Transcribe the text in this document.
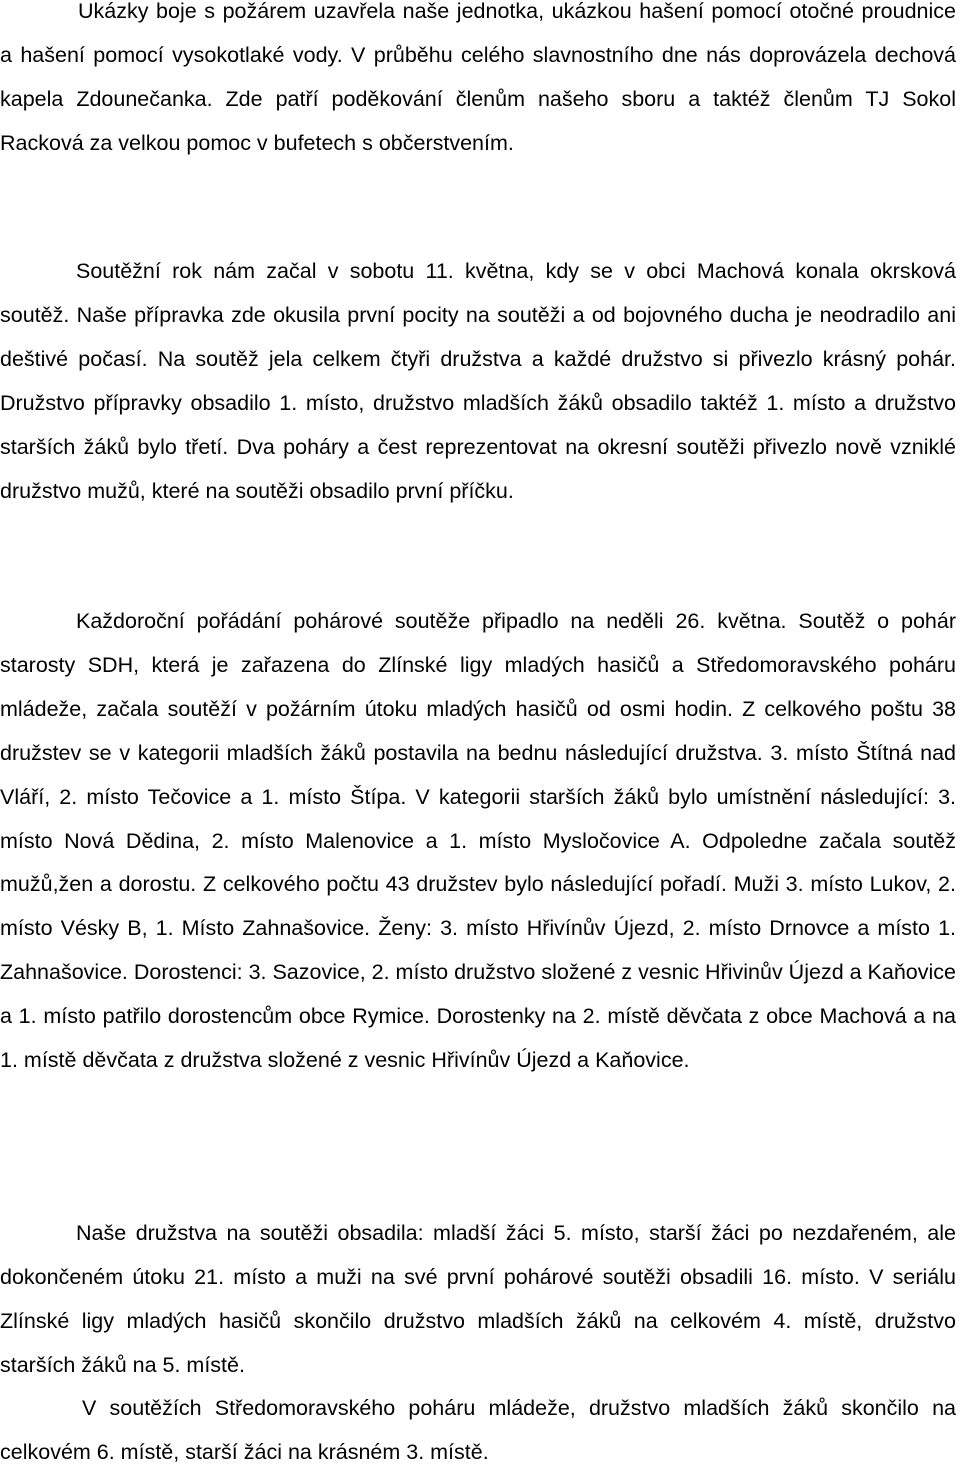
Ukázky boje s požárem uzavřela naše jednotka, ukázkou hašení pomocí otočné proudnice a hašení pomocí vysokotlaké vody. V průběhu celého slavnostního dne nás doprovázela dechová kapela Zdounečanka. Zde patří poděkování členům našeho sboru a taktéž členům TJ Sokol Racková za velkou pomoc v bufetech s občerstvením.

Soutěžní rok nám začal v sobotu 11. května, kdy se v obci Machová konala okrsková soutěž. Naše přípravka zde okusila první pocity na soutěži a od bojovného ducha je neodradilo ani deštivé počasí. Na soutěž jela celkem čtyři družstva a každé družstvo si přivezlo krásný pohár. Družstvo přípravky obsadilo 1. místo, družstvo mladších žáků obsadilo taktéž 1. místo a družstvo starších žáků bylo třetí. Dva poháry a čest reprezentovat na okresní soutěži přivezlo nově vzniklé družstvo mužů, které na soutěži obsadilo první příčku.

Každoroční pořádání pohárové soutěže připadlo na neděli 26. května. Soutěž o pohár starosty SDH, která je zařazena do Zlínské ligy mladých hasičů a Středomoravského poháru mládeže, začala soutěží v požárním útoku mladých hasičů od osmi hodin. Z celkového poštu 38 družstev se v kategorii mladších žáků postavila na bednu následující družstva. 3. místo Štítná nad Vláří, 2. místo Tečovice a 1. místo Štípa. V kategorii starších žáků bylo umístnění následující: 3. místo Nová Dědina, 2. místo Malenovice a 1. místo Mysločovice A. Odpoledne začala soutěž mužů,žen a dorostu. Z celkového počtu 43 družstev bylo následující pořadí. Muži 3. místo Lukov, 2. místo Vésky B, 1. Místo Zahnašovice. Ženy: 3. místo Hřivínův Újezd, 2. místo Drnovce a místo 1. Zahnašovice. Dorostenci: 3. Sazovice, 2. místo družstvo složené z vesnic Hřivinův Újezd a Kaňovice a 1. místo patřilo dorostencům obce Rymice. Dorostenky na 2. místě děvčata z obce Machová a na 1. místě děvčata z družstva složené z vesnic Hřivínův Újezd a Kaňovice.

Naše družstva na soutěži obsadila: mladší žáci 5. místo, starší žáci po nezdařeném, ale dokončeném útoku 21. místo a muži na své první pohárové soutěži obsadili 16. místo. V seriálu Zlínské ligy mladých hasičů skončilo družstvo mladších žáků na celkovém 4. místě, družstvo starších žáků na 5. místě.

V soutěžích Středomoravského poháru mládeže, družstvo mladších žáků skončilo na celkovém 6. místě, starší žáci na krásném 3. místě.
